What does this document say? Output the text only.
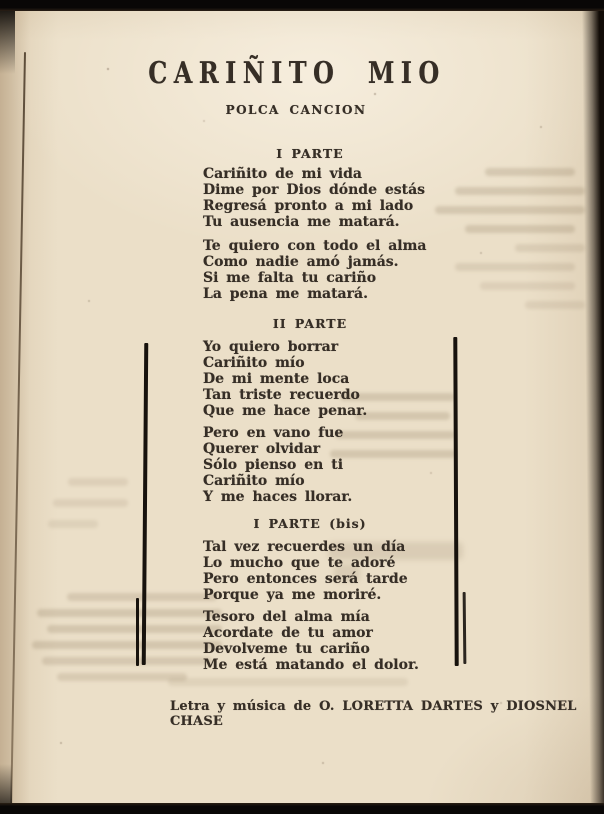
CARIÑITO MIO
POLCA CANCION
I PARTE
Cariñito de mi vida
Dime por Dios dónde estás
Regresá pronto a mi lado
Tu ausencia me matará.
Te quiero con todo el alma
Como nadie amó jamás.
Si me falta tu cariño
La pena me matará.
II PARTE
Yo quiero borrar
Cariñito mío
De mi mente loca
Tan triste recuerdo
Que me hace penar.
Pero en vano fue
Querer olvidar
Sólo pienso en ti
Cariñito mío
Y me haces llorar.
I PARTE (bis)
Tal vez recuerdes un día
Lo mucho que te adoré
Pero entonces será tarde
Porque ya me moriré.
Tesoro del alma mía
Acordate de tu amor
Devolveme tu cariño
Me está matando el dolor.
Letra y música de O. LORETTA DARTES y DIOSNEL CHASE
